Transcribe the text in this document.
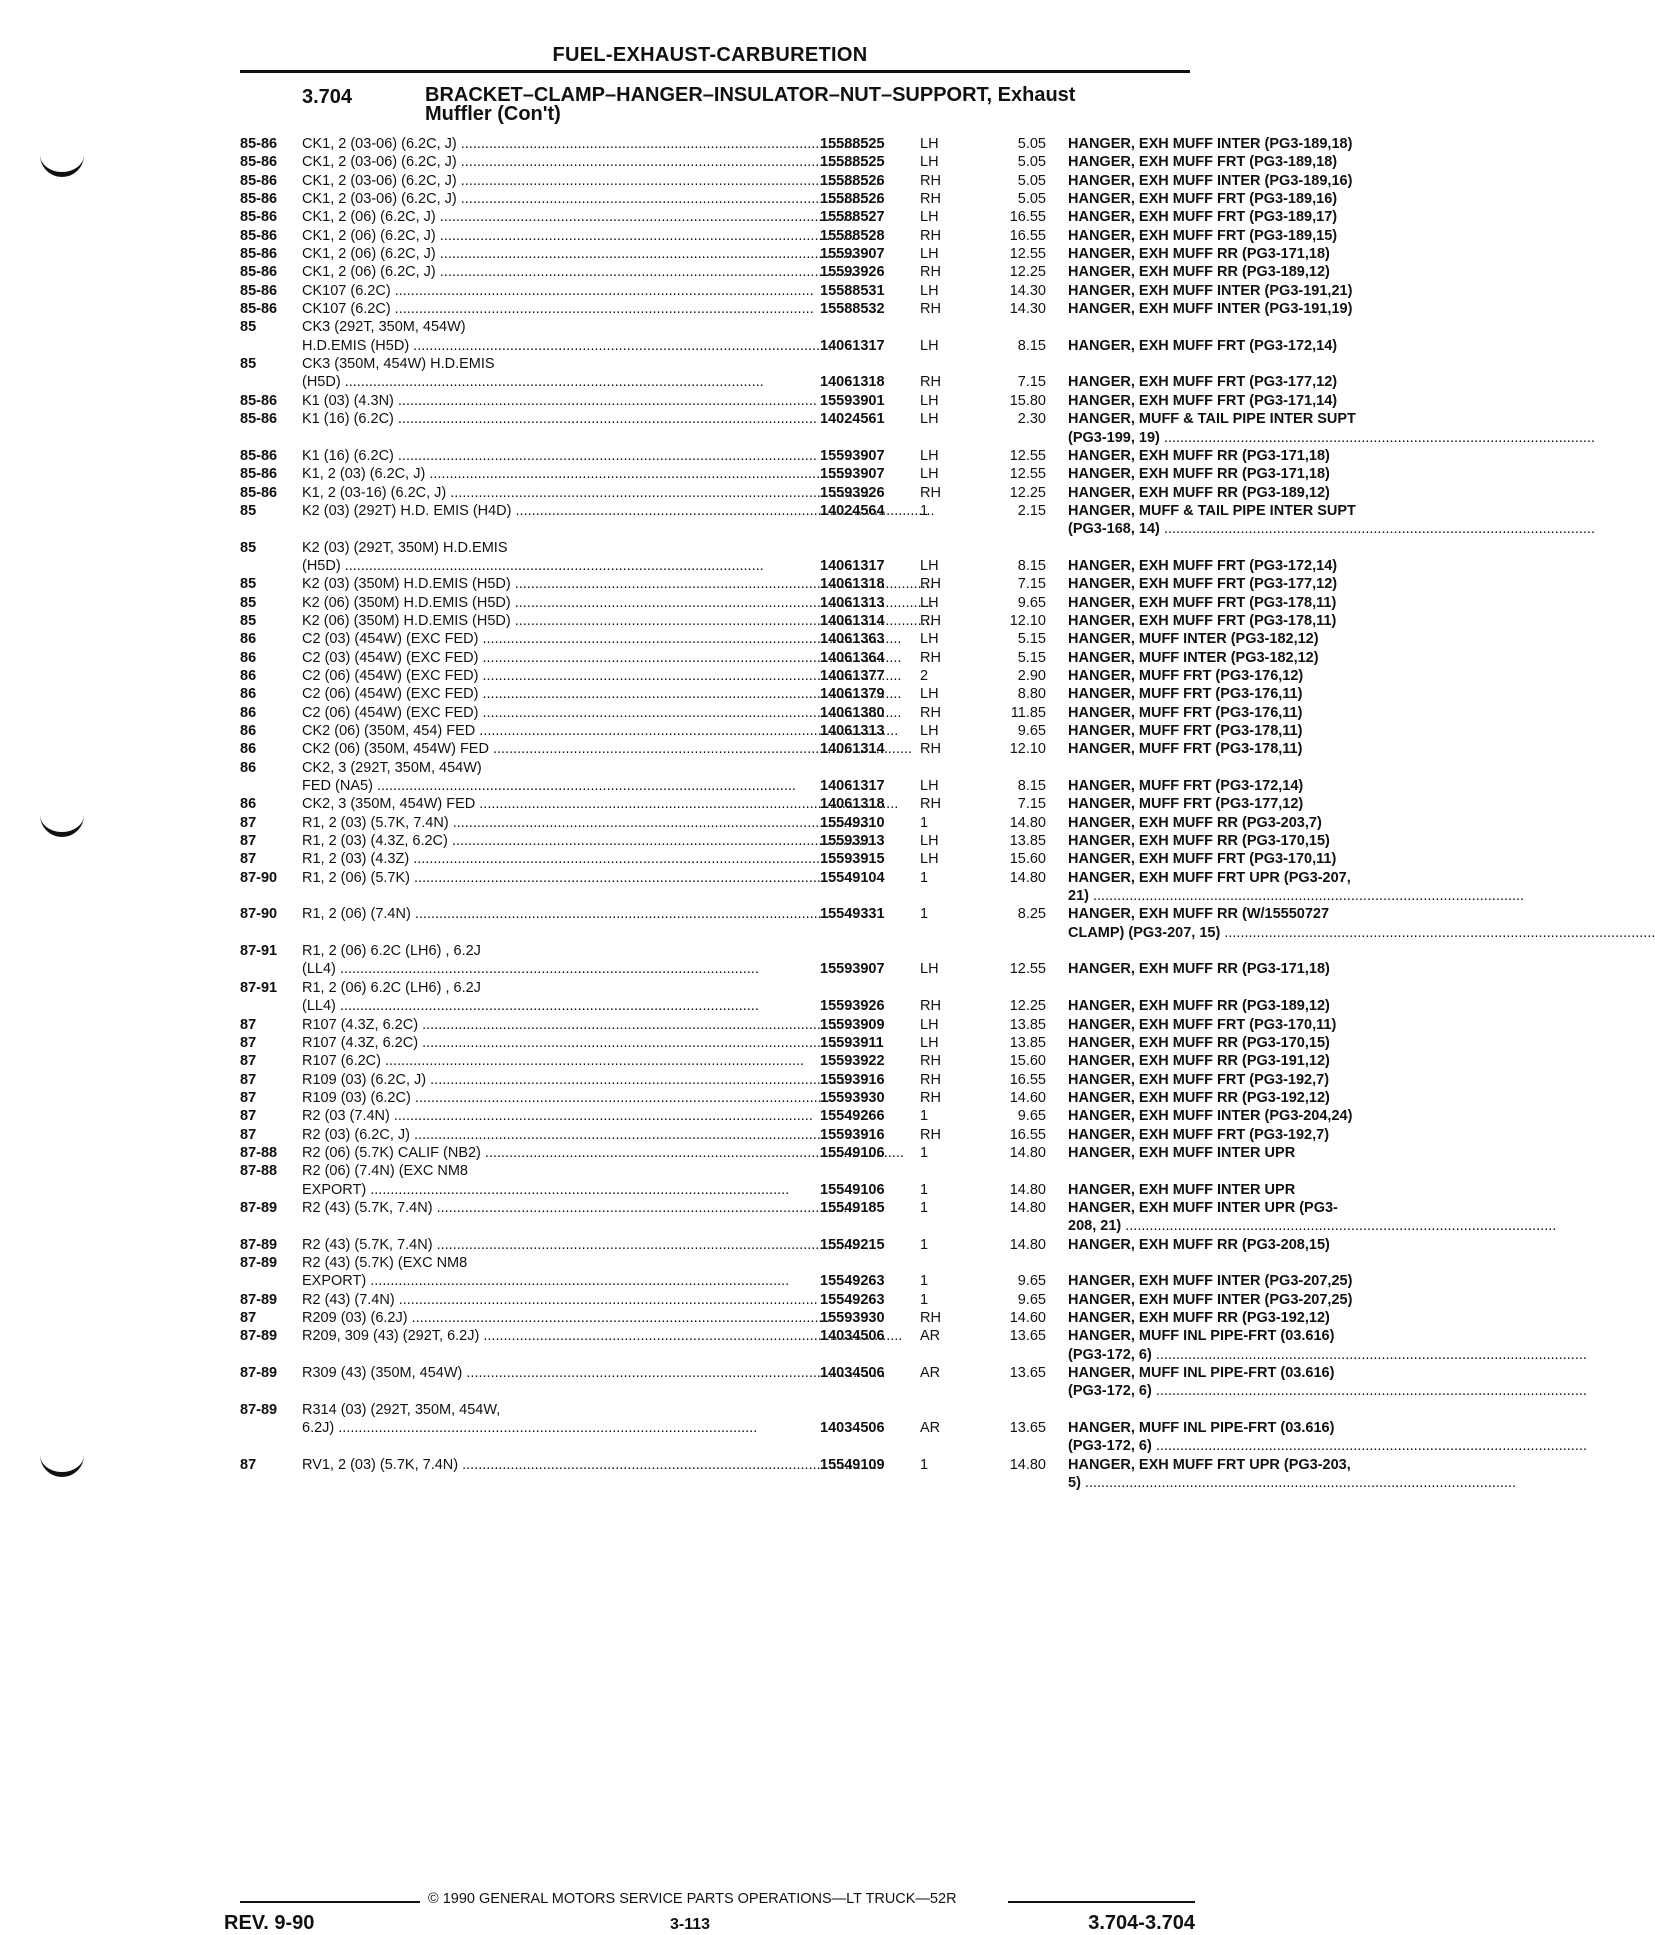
FUEL-EXHAUST-CARBURETION
3.704	BRACKET–CLAMP–HANGER–INSULATOR–NUT–SUPPORT, Exhaust
Muffler (Con't)
85-86 CK1, 2 (03-06) (6.2C, J) .....	15588525 LH	5.05 HANGER, EXH MUFF INTER (PG3-189,18)
85-86 CK1, 2 (03-06) (6.2C, J) .....	15588525 LH	5.05 HANGER, EXH MUFF FRT (PG3-189,18)
85-86 CK1, 2 (03-06) (6.2C, J) .....	15588526 RH	5.05 HANGER, EXH MUFF INTER (PG3-189,16)
85-86 CK1, 2 (03-06) (6.2C, J) .....	15588526 RH	5.05 HANGER, EXH MUFF FRT (PG3-189,16)
85-86 CK1, 2 (06) (6.2C, J) .....	15588527 LH	16.55 HANGER, EXH MUFF FRT (PG3-189,17)
85-86 CK1, 2 (06) (6.2C, J) .....	15588528 RH	16.55 HANGER, EXH MUFF FRT (PG3-189,15)
85-86 CK1, 2 (06) (6.2C, J) .....	15593907 LH	12.55 HANGER, EXH MUFF RR (PG3-171,18)
85-86 CK1, 2 (06) (6.2C, J) .....	15593926 RH	12.25 HANGER, EXH MUFF RR (PG3-189,12)
85-86 CK107 (6.2C) .....	15588531 LH	14.30 HANGER, EXH MUFF INTER (PG3-191,21)
85-86 CK107 (6.2C) .....	15588532 RH	14.30 HANGER, EXH MUFF INTER (PG3-191,19)
85	CK3 (292T, 350M, 454W)
H.D.EMIS (H5D) .....	14061317 LH	8.15 HANGER, EXH MUFF FRT (PG3-172,14)
85	CK3 (350M, 454W) H.D.EMIS
(H5D) .....	14061318 RH	7.15 HANGER, EXH MUFF FRT (PG3-177,12)
85-86 K1 (03) (4.3N) .....	15593901 LH	15.80 HANGER, EXH MUFF FRT (PG3-171,14)
85-86 K1 (16) (6.2C) .....	14024561 LH	2.30 HANGER, MUFF & TAIL PIPE INTER SUPT
(PG3-199, 19) .....
85-86 K1 (16) (6.2C) .....	15593907 LH	12.55 HANGER, EXH MUFF RR (PG3-171,18)
85-86 K1, 2 (03) (6.2C, J) .....	15593907 LH	12.55 HANGER, EXH MUFF RR (PG3-171,18)
85-86 K1, 2 (03-16) (6.2C, J) .....	15593926 RH	12.25 HANGER, EXH MUFF RR (PG3-189,12)
85	K2 (03) (292T) H.D. EMIS (H4D) .....	14024564 1	2.15 HANGER, MUFF & TAIL PIPE INTER SUPT
(PG3-168, 14) .....
85	K2 (03) (292T, 350M) H.D.EMIS
(H5D) .....	14061317 LH	8.15 HANGER, EXH MUFF FRT (PG3-172,14)
85	K2 (03) (350M) H.D.EMIS (H5D) .....	14061318 RH	7.15 HANGER, EXH MUFF FRT (PG3-177,12)
85	K2 (06) (350M) H.D.EMIS (H5D) .....	14061313 LH	9.65 HANGER, EXH MUFF FRT (PG3-178,11)
85	K2 (06) (350M) H.D.EMIS (H5D) .....	14061314 RH	12.10 HANGER, EXH MUFF FRT (PG3-178,11)
86	C2 (03) (454W) (EXC FED) .....	14061363 LH	5.15 HANGER, MUFF INTER (PG3-182,12)
86	C2 (03) (454W) (EXC FED) .....	14061364 RH	5.15 HANGER, MUFF INTER (PG3-182,12)
86	C2 (06) (454W) (EXC FED) .....	14061377 2	2.90 HANGER, MUFF FRT (PG3-176,12)
86	C2 (06) (454W) (EXC FED) .....	14061379 LH	8.80 HANGER, MUFF FRT (PG3-176,11)
86	C2 (06) (454W) (EXC FED) .....	14061380 RH	11.85 HANGER, MUFF FRT (PG3-176,11)
86	CK2 (06) (350M, 454) FED .....	14061313 LH	9.65 HANGER, MUFF FRT (PG3-178,11)
86	CK2 (06) (350M, 454W) FED .....	14061314 RH	12.10 HANGER, MUFF FRT (PG3-178,11)
86	CK2, 3 (292T, 350M, 454W)
FED (NA5) .....	14061317 LH	8.15 HANGER, MUFF FRT (PG3-172,14)
86	CK2, 3 (350M, 454W) FED .....	14061318 RH	7.15 HANGER, MUFF FRT (PG3-177,12)
87	R1, 2 (03) (5.7K, 7.4N) .....	15549310 1	14.80 HANGER, EXH MUFF RR (PG3-203,7)
87	R1, 2 (03) (4.3Z, 6.2C) .....	15593913 LH	13.85 HANGER, EXH MUFF RR (PG3-170,15)
87	R1, 2 (03) (4.3Z) .....	15593915 LH	15.60 HANGER, EXH MUFF FRT (PG3-170,11)
87-90 R1, 2 (06) (5.7K) .....	15549104 1	14.80 HANGER, EXH MUFF FRT UPR (PG3-207,
21) .....
87-90 R1, 2 (06) (7.4N) .....	15549331 1	8.25 HANGER, EXH MUFF RR (W/15550727
CLAMP) (PG3-207, 15) .....
87-91 R1, 2 (06) 6.2C (LH6) , 6.2J
(LL4) .....	15593907 LH	12.55 HANGER, EXH MUFF RR (PG3-171,18)
87-91 R1, 2 (06) 6.2C (LH6) , 6.2J
(LL4) .....	15593926 RH	12.25 HANGER, EXH MUFF RR (PG3-189,12)
87	R107 (4.3Z, 6.2C) .....	15593909 LH	13.85 HANGER, EXH MUFF FRT (PG3-170,11)
87	R107 (4.3Z, 6.2C) .....	15593911	LH	13.85 HANGER, EXH MUFF RR (PG3-170,15)
87	R107 (6.2C) .....	15593922 RH	15.60 HANGER, EXH MUFF RR (PG3-191,12)
87	R109 (03) (6.2C, J) .....	15593916 RH	16.55 HANGER, EXH MUFF FRT (PG3-192,7)
87	R109 (03) (6.2C) .....	15593930 RH	14.60 HANGER, EXH MUFF RR (PG3-192,12)
87	R2 (03 (7.4N) .....	15549266 1	9.65 HANGER, EXH MUFF INTER (PG3-204,24)
87	R2 (03) (6.2C, J) .....	15593916 RH	16.55 HANGER, EXH MUFF FRT (PG3-192,7)
87-88 R2 (06) (5.7K) CALIF (NB2) .....	15549106 1	14.80 HANGER, EXH MUFF INTER UPR
87-88 R2 (06) (7.4N) (EXC NM8
EXPORT) .....	15549106 1	14.80 HANGER, EXH MUFF INTER UPR
87-89 R2 (43) (5.7K, 7.4N) .....	15549185 1	14.80 HANGER, EXH MUFF INTER UPR (PG3-
208, 21) .....
87-89 R2 (43) (5.7K, 7.4N) .....	15549215 1	14.80 HANGER, EXH MUFF RR (PG3-208,15)
87-89 R2 (43) (5.7K) (EXC NM8
EXPORT) .....	15549263 1	9.65 HANGER, EXH MUFF INTER (PG3-207,25)
87-89 R2 (43) (7.4N) .....	15549263 1	9.65 HANGER, EXH MUFF INTER (PG3-207,25)
87	R209 (03) (6.2J) .....	15593930 RH	14.60 HANGER, EXH MUFF RR (PG3-192,12)
87-89 R209, 309 (43) (292T, 6.2J) .....	14034506 AR	13.65 HANGER, MUFF INL PIPE-FRT (03.616)
(PG3-172, 6) .....
87-89 R309 (43) (350M, 454W) .....	14034506 AR	13.65 HANGER, MUFF INL PIPE-FRT (03.616)
(PG3-172, 6) .....
87-89 R314 (03) (292T, 350M, 454W,
6.2J) .....	14034506 AR	13.65 HANGER, MUFF INL PIPE-FRT (03.616)
(PG3-172, 6) .....
87	RV1, 2 (03) (5.7K, 7.4N) .....	15549109 1	14.80 HANGER, EXH MUFF FRT UPR (PG3-203,
5) .....
© 1990 GENERAL MOTORS SERVICE PARTS OPERATIONS—LT TRUCK—52R
REV. 9-90	3-113	3.704-3.704
